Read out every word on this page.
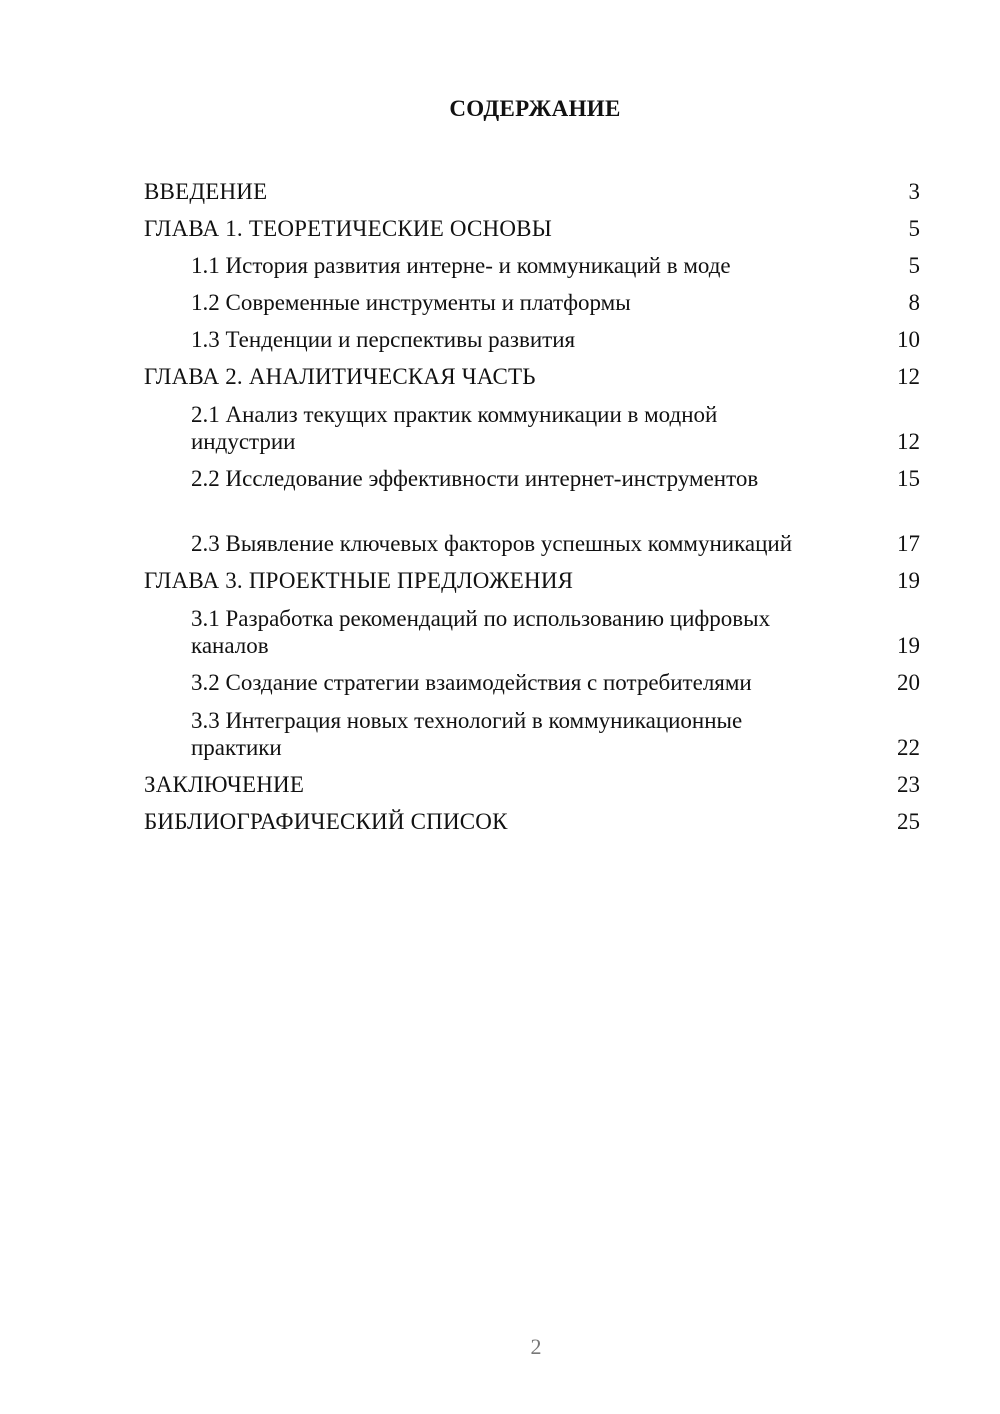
СОДЕРЖАНИЕ
ВВЕДЕНИЕ	3
ГЛАВА 1. ТЕОРЕТИЧЕСКИЕ ОСНОВЫ	5
1.1 История развития интерне- и коммуникаций в моде	5
1.2 Современные инструменты и платформы	8
1.3 Тенденции и перспективы развития	10
ГЛАВА 2. АНАЛИТИЧЕСКАЯ ЧАСТЬ	12
2.1 Анализ текущих практик коммуникации в модной индустрии	12
2.2 Исследование эффективности интернет-инструментов	15
2.3 Выявление ключевых факторов успешных коммуникаций	17
ГЛАВА 3. ПРОЕКТНЫЕ ПРЕДЛОЖЕНИЯ	19
3.1 Разработка рекомендаций по использованию цифровых каналов	19
3.2 Создание стратегии взаимодействия с потребителями	20
3.3 Интеграция новых технологий в коммуникационные практики	22
ЗАКЛЮЧЕНИЕ	23
БИБЛИОГРАФИЧЕСКИЙ СПИСОК	25
2
